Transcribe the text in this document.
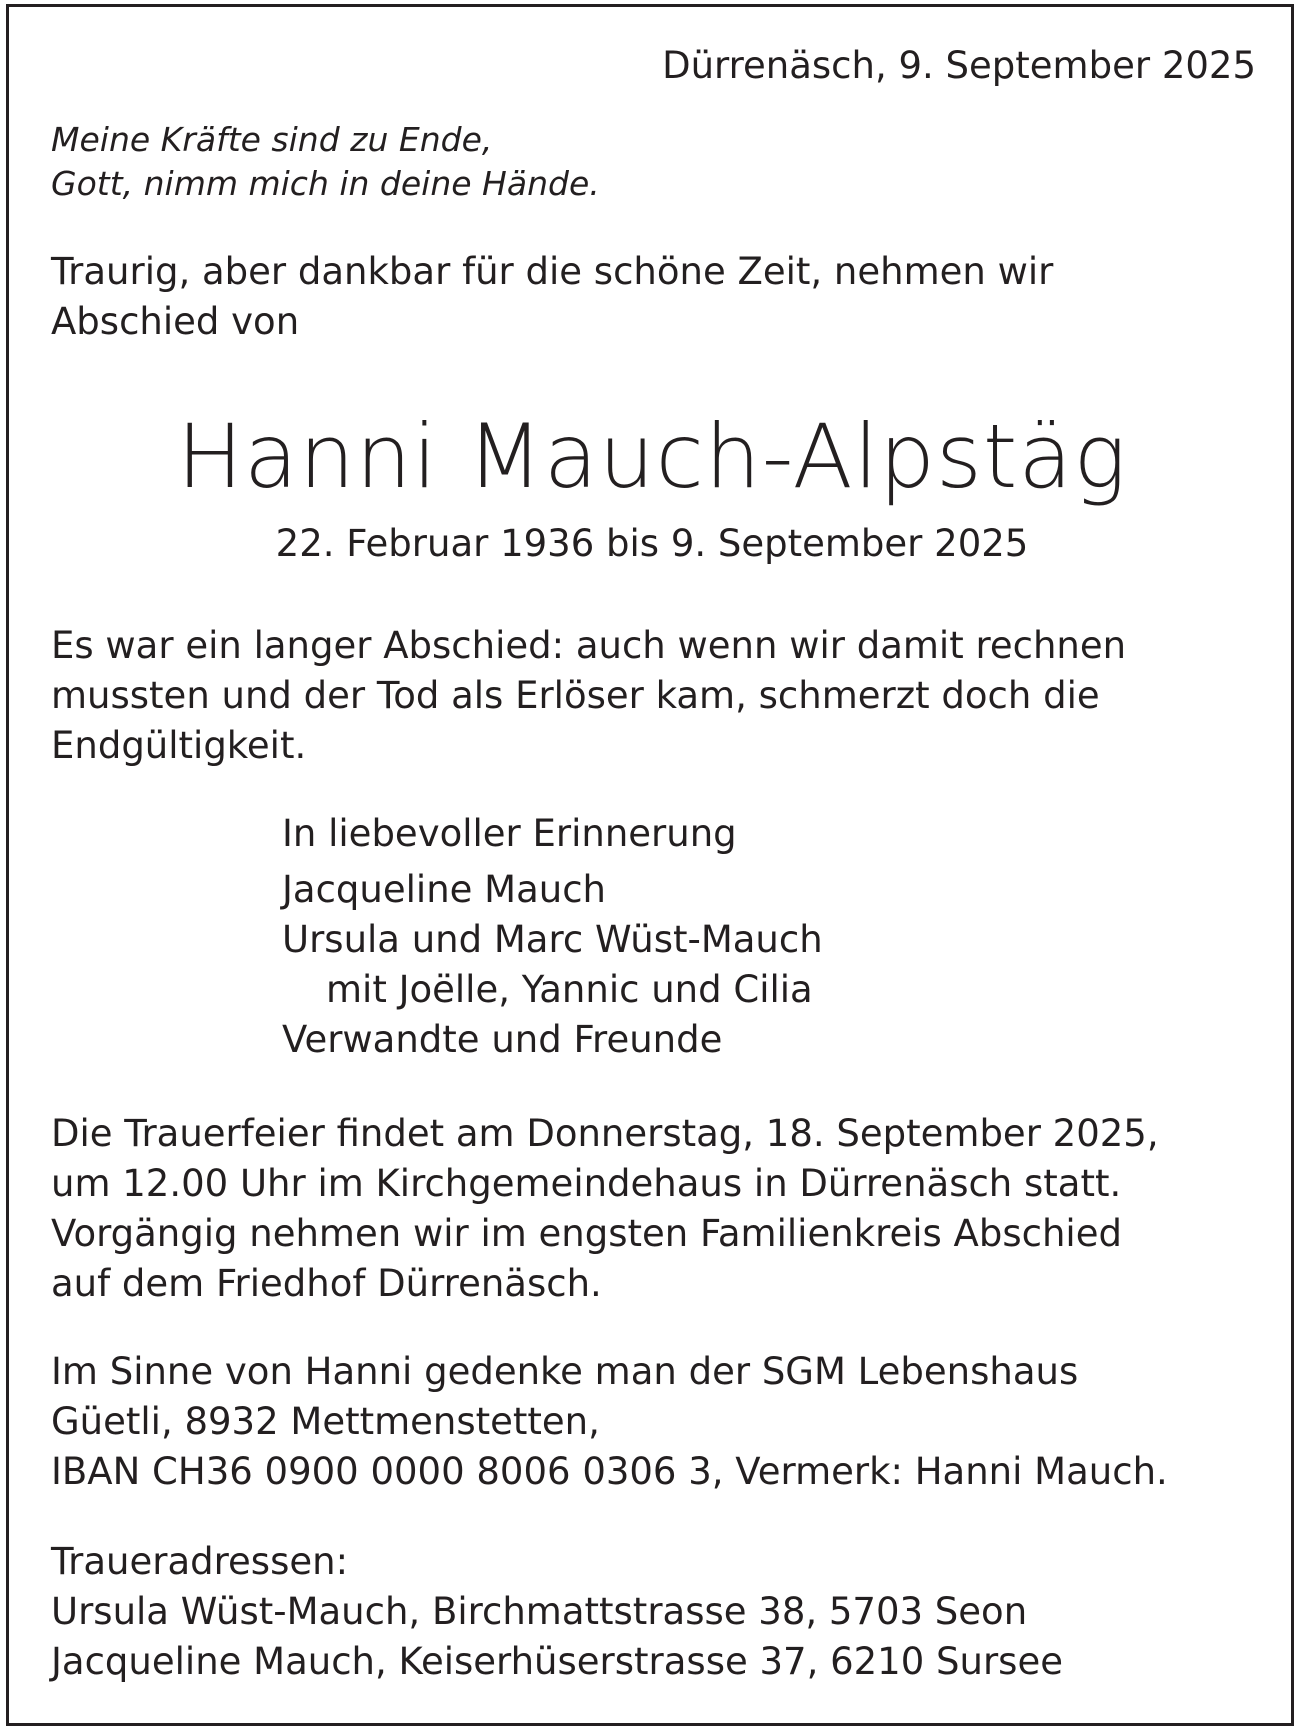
Dürrenäsch, 9. September 2025
Meine Kräfte sind zu Ende,
Gott, nimm mich in deine Hände.
Traurig, aber dankbar für die schöne Zeit, nehmen wir
Abschied von
Hanni Mauch-Alpstäg
22. Februar 1936 bis 9. September 2025
Es war ein langer Abschied: auch wenn wir damit rechnen
mussten und der Tod als Erlöser kam, schmerzt doch die
Endgültigkeit.
In liebevoller Erinnerung
Jacqueline Mauch
Ursula und Marc Wüst-Mauch
mit Joëlle, Yannic und Cilia
Verwandte und Freunde
Die Trauerfeier findet am Donnerstag, 18. September 2025,
um 12.00 Uhr im Kirchgemeindehaus in Dürrenäsch statt.
Vorgängig nehmen wir im engsten Familienkreis Abschied
auf dem Friedhof Dürrenäsch.
Im Sinne von Hanni gedenke man der SGM Lebenshaus
Güetli, 8932 Mettmenstetten,
IBAN CH36 0900 0000 8006 0306 3, Vermerk: Hanni Mauch.
Traueradressen:
Ursula Wüst-Mauch, Birchmattstrasse 38, 5703 Seon
Jacqueline Mauch, Keiserhüserstrasse 37, 6210 Sursee
